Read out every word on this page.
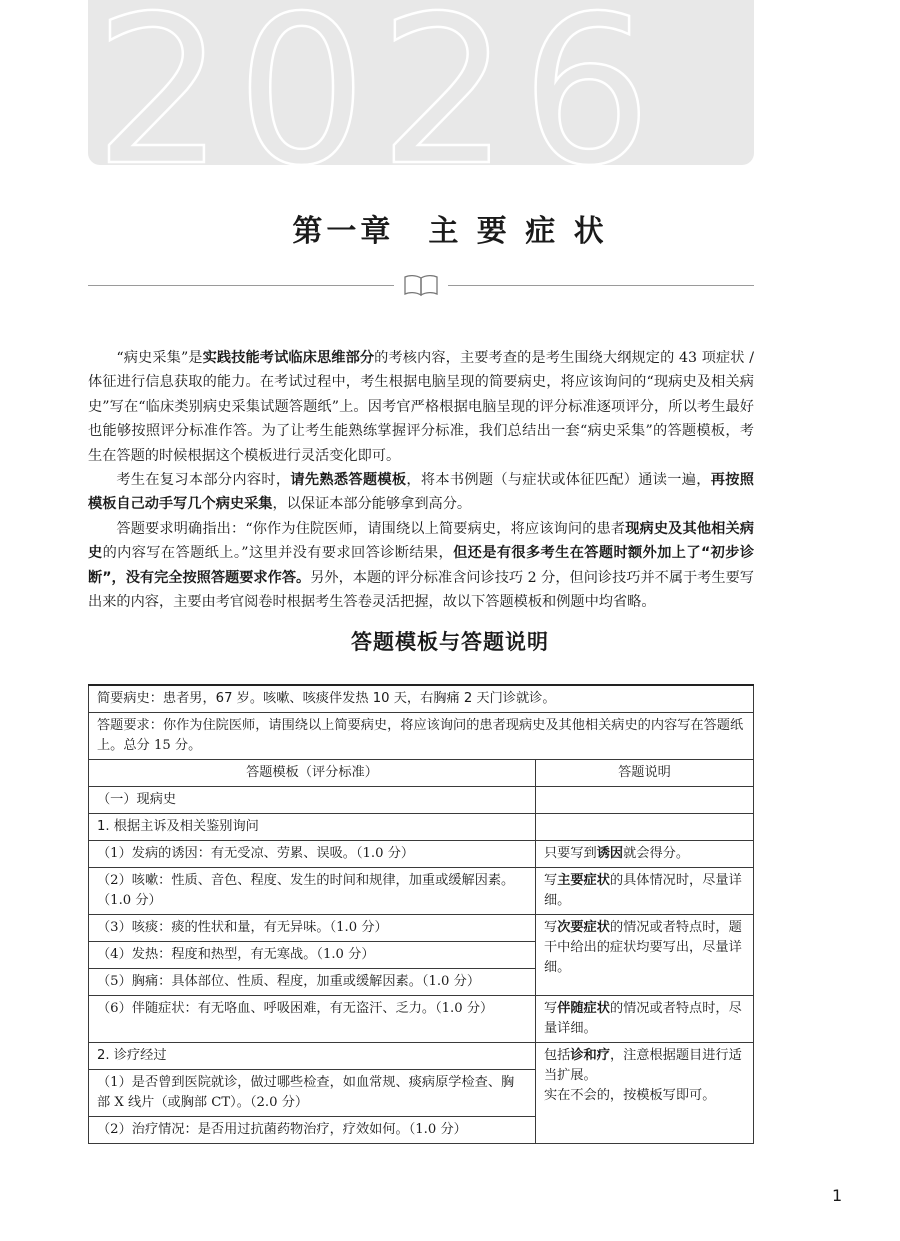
2026
第一章　主 要 症 状

“病史采集”是实践技能考试临床思维部分的考核内容，主要考查的是考生围绕大纲规定的 43 项症状 / 体征进行信息获取的能力。在考试过程中，考生根据电脑呈现的简要病史，将应该询问的“现病史及相关病史”写在“临床类别病史采集试题答题纸”上。因考官严格根据电脑呈现的评分标准逐项评分，所以考生最好也能够按照评分标准作答。为了让考生能熟练掌握评分标准，我们总结出一套“病史采集”的答题模板，考生在答题的时候根据这个模板进行灵活变化即可。

考生在复习本部分内容时，请先熟悉答题模板，将本书例题（与症状或体征匹配）通读一遍，再按照模板自己动手写几个病史采集，以保证本部分能够拿到高分。

答题要求明确指出：“你作为住院医师，请围绕以上简要病史，将应该询问的患者现病史及其他相关病史的内容写在答题纸上。”这里并没有要求回答诊断结果，但还是有很多考生在答题时额外加上了“初步诊断”，没有完全按照答题要求作答。另外，本题的评分标准含问诊技巧 2 分，但问诊技巧并不属于考生要写出来的内容，主要由考官阅卷时根据考生答卷灵活把握，故以下答题模板和例题中均省略。

答题模板与答题说明
简要病史：患者男，67 岁。咳嗽、咳痰伴发热 10 天，右胸痛 2 天门诊就诊。	
答题要求：你作为住院医师，请围绕以上简要病史，将应该询问的患者现病史及其他相关病史的内容写在答题纸上。总分 15 分。	
答题模板（评分标准）	答题说明
（一）现病史	
1. 根据主诉及相关鉴别询问	
（1）发病的诱因：有无受凉、劳累、误吸。（1.0 分）	只要写到诱因就会得分。
（2）咳嗽：性质、音色、程度、发生的时间和规律，加重或缓解因素。（1.0 分）	写主要症状的具体情况时，尽量详细。
（3）咳痰：痰的性状和量，有无异味。（1.0 分）	写次要症状的情况或者特点时，题干中给出的症状均要写出，尽量详细。
（4）发热：程度和热型，有无寒战。（1.0 分）	
（5）胸痛：具体部位、性质、程度，加重或缓解因素。（1.0 分）	
（6）伴随症状：有无咯血、呼吸困难，有无盗汗、乏力。（1.0 分）	写伴随症状的情况或者特点时，尽量详细。
2. 诊疗经过	包括诊和疗，注意根据题目进行适当扩展。
实在不会的，按模板写即可。
（1）是否曾到医院就诊，做过哪些检查，如血常规、痰病原学检查、胸部 X 线片（或胸部 CT）。（2.0 分）	
（2）治疗情况：是否用过抗菌药物治疗，疗效如何。（1.0 分）	
1
